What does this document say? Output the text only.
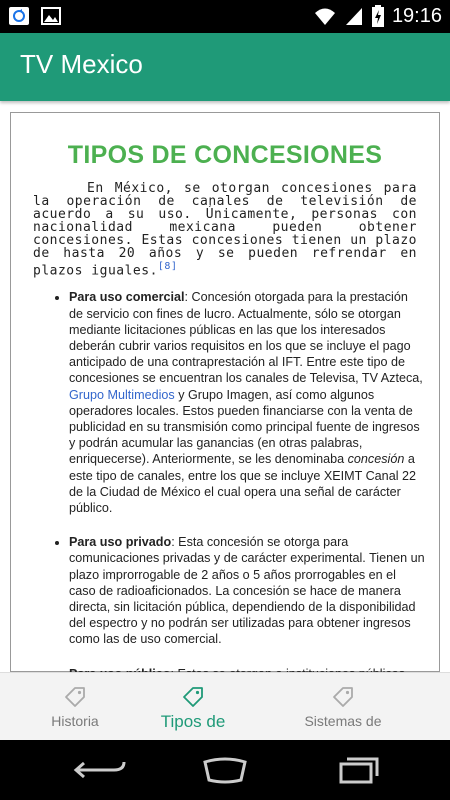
19:16
TV Mexico
TIPOS DE CONCESIONES

En México, se otorgan concesiones para la operación de canales de televisión de acuerdo a su uso. Únicamente, personas con nacionalidad mexicana pueden obtener concesiones. Estas concesiones tienen un plazo de hasta 20 años y se pueden refrendar en plazos iguales.[8]

• Para uso comercial: Concesión otorgada para la prestación de servicio con fines de lucro. Actualmente, sólo se otorgan mediante licitaciones públicas en las que los interesados deberán cubrir varios requisitos en los que se incluye el pago anticipado de una contraprestación al IFT. Entre este tipo de concesiones se encuentran los canales de Televisa, TV Azteca, Grupo Multimedios y Grupo Imagen, así como algunos operadores locales. Estos pueden financiarse con la venta de publicidad en su transmisión como principal fuente de ingresos y podrán acumular las ganancias (en otras palabras, enriquecerse). Anteriormente, se les denominaba concesión a este tipo de canales, entre los que se incluye XEIMT Canal 22 de la Ciudad de México el cual opera una señal de carácter público.
• Para uso privado: Esta concesión se otorga para comunicaciones privadas y de carácter experimental. Tienen un plazo improrrogable de 2 años o 5 años prorrogables en el caso de radioaficionados. La concesión se hace de manera directa, sin licitación pública, dependiendo de la disponibilidad del espectro y no podrán ser utilizadas para obtener ingresos como las de uso comercial.
•
Historia	Tipos de	Sistemas de
